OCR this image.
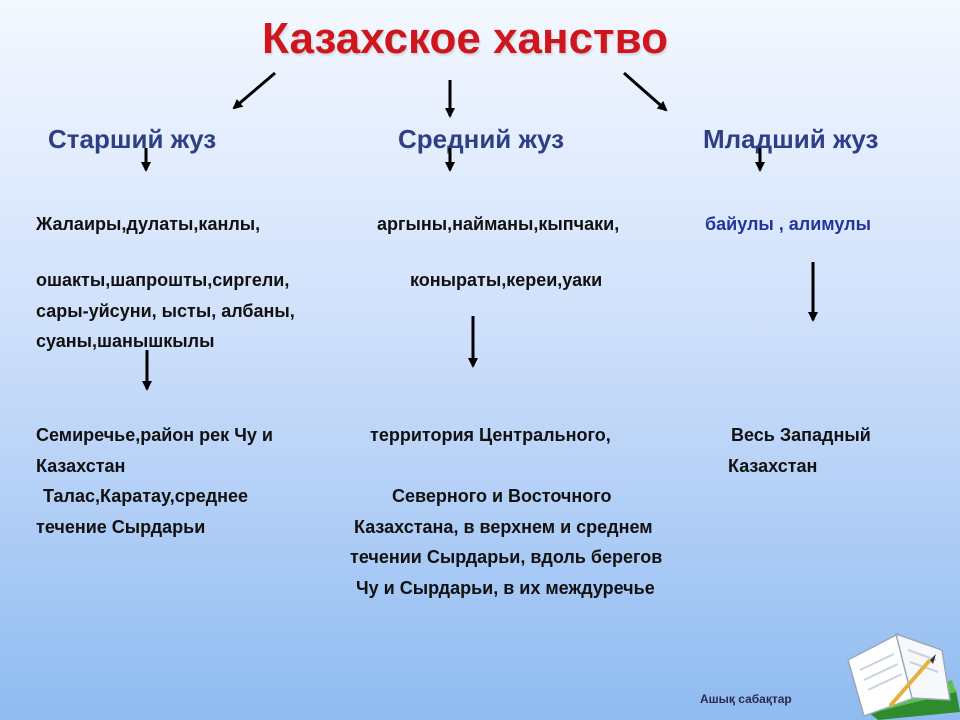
Казахское ханство
Старший жуз	Средний жуз	Младший жуз
Жалаиры,дулаты,канлы,
ошакты,шапрошты,сиргели,
сары-уйсуни, ысты, албаны,
суаны,шанышкылы
аргыны,найманы,кыпчаки,
коныраты,кереи,уаки
байулы , алимулы
Семиречье,район рек Чу и
Казахстан
Талас,Каратау,среднее
течение Сырдарьи
территория Центрального,
Северного и Восточного
Казахстана, в верхнем и среднем
течении Сырдарьи, вдоль берегов
Чу и Сырдарьи, в их междуречье
Весь Западный
Казахстан
Ашық сабақтар
